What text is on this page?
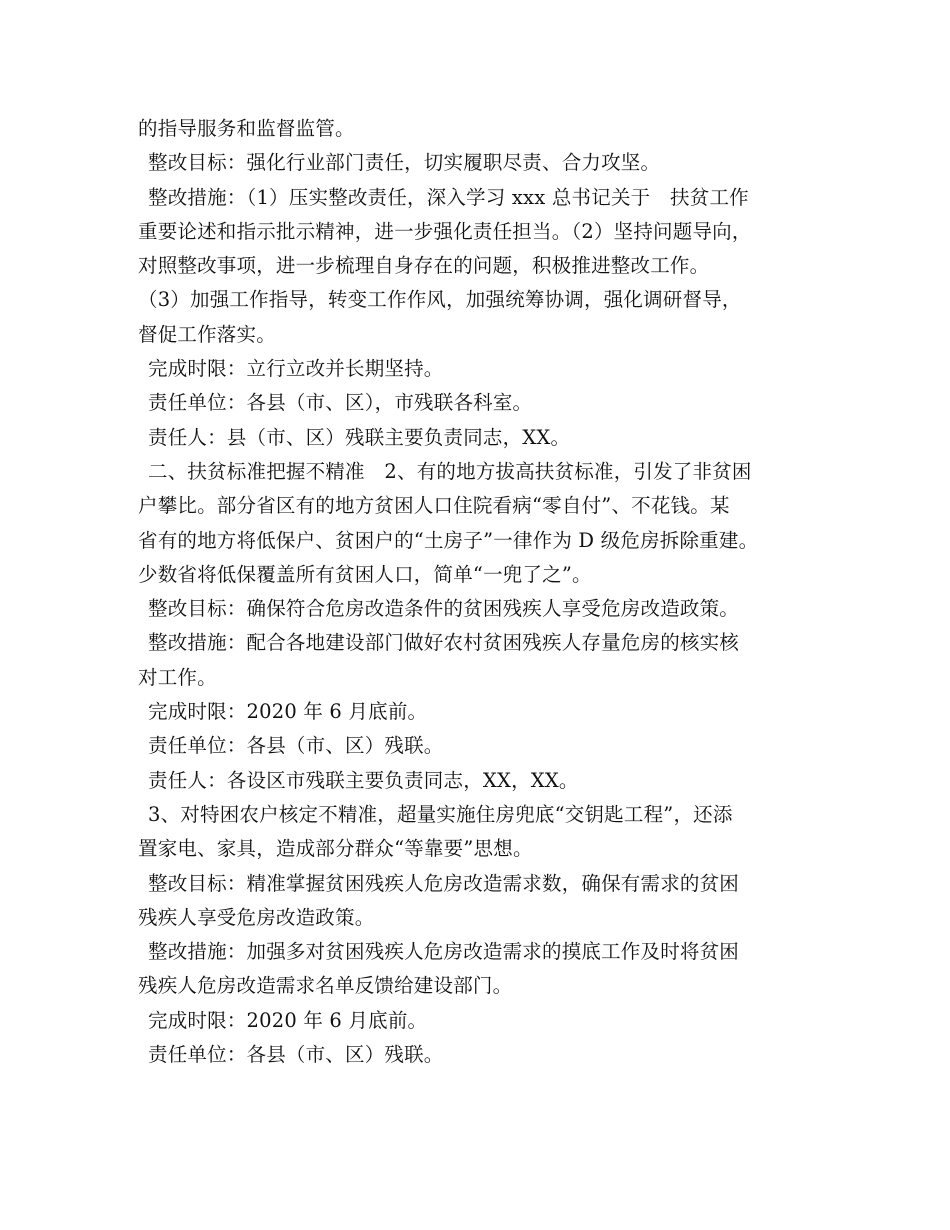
的指导服务和监督监管。
整改目标：强化行业部门责任，切实履职尽责、合力攻坚。
整改措施：（1）压实整改责任，深入学习 xxx 总书记关于　扶贫工作
重要论述和指示批示精神，进一步强化责任担当。（2）坚持问题导向，
对照整改事项，进一步梳理自身存在的问题，积极推进整改工作。
（3）加强工作指导，转变工作作风，加强统筹协调，强化调研督导，
督促工作落实。
完成时限：立行立改并长期坚持。
责任单位：各县（市、区），市残联各科室。
责任人：县（市、区）残联主要负责同志，XX。
二、扶贫标准把握不精准　2、有的地方拔高扶贫标准，引发了非贫困
户攀比。部分省区有的地方贫困人口住院看病“零自付”、不花钱。某
省有的地方将低保户、贫困户的“土房子”一律作为 D 级危房拆除重建。
少数省将低保覆盖所有贫困人口，简单“一兜了之”。
整改目标：确保符合危房改造条件的贫困残疾人享受危房改造政策。
整改措施：配合各地建设部门做好农村贫困残疾人存量危房的核实核
对工作。
完成时限：2020 年 6 月底前。
责任单位：各县（市、区）残联。
责任人：各设区市残联主要负责同志，XX，XX。
3、对特困农户核定不精准，超量实施住房兜底“交钥匙工程”，还添
置家电、家具，造成部分群众“等靠要”思想。
整改目标：精准掌握贫困残疾人危房改造需求数，确保有需求的贫困
残疾人享受危房改造政策。
整改措施：加强多对贫困残疾人危房改造需求的摸底工作及时将贫困
残疾人危房改造需求名单反馈给建设部门。
完成时限：2020 年 6 月底前。
责任单位：各县（市、区）残联。
